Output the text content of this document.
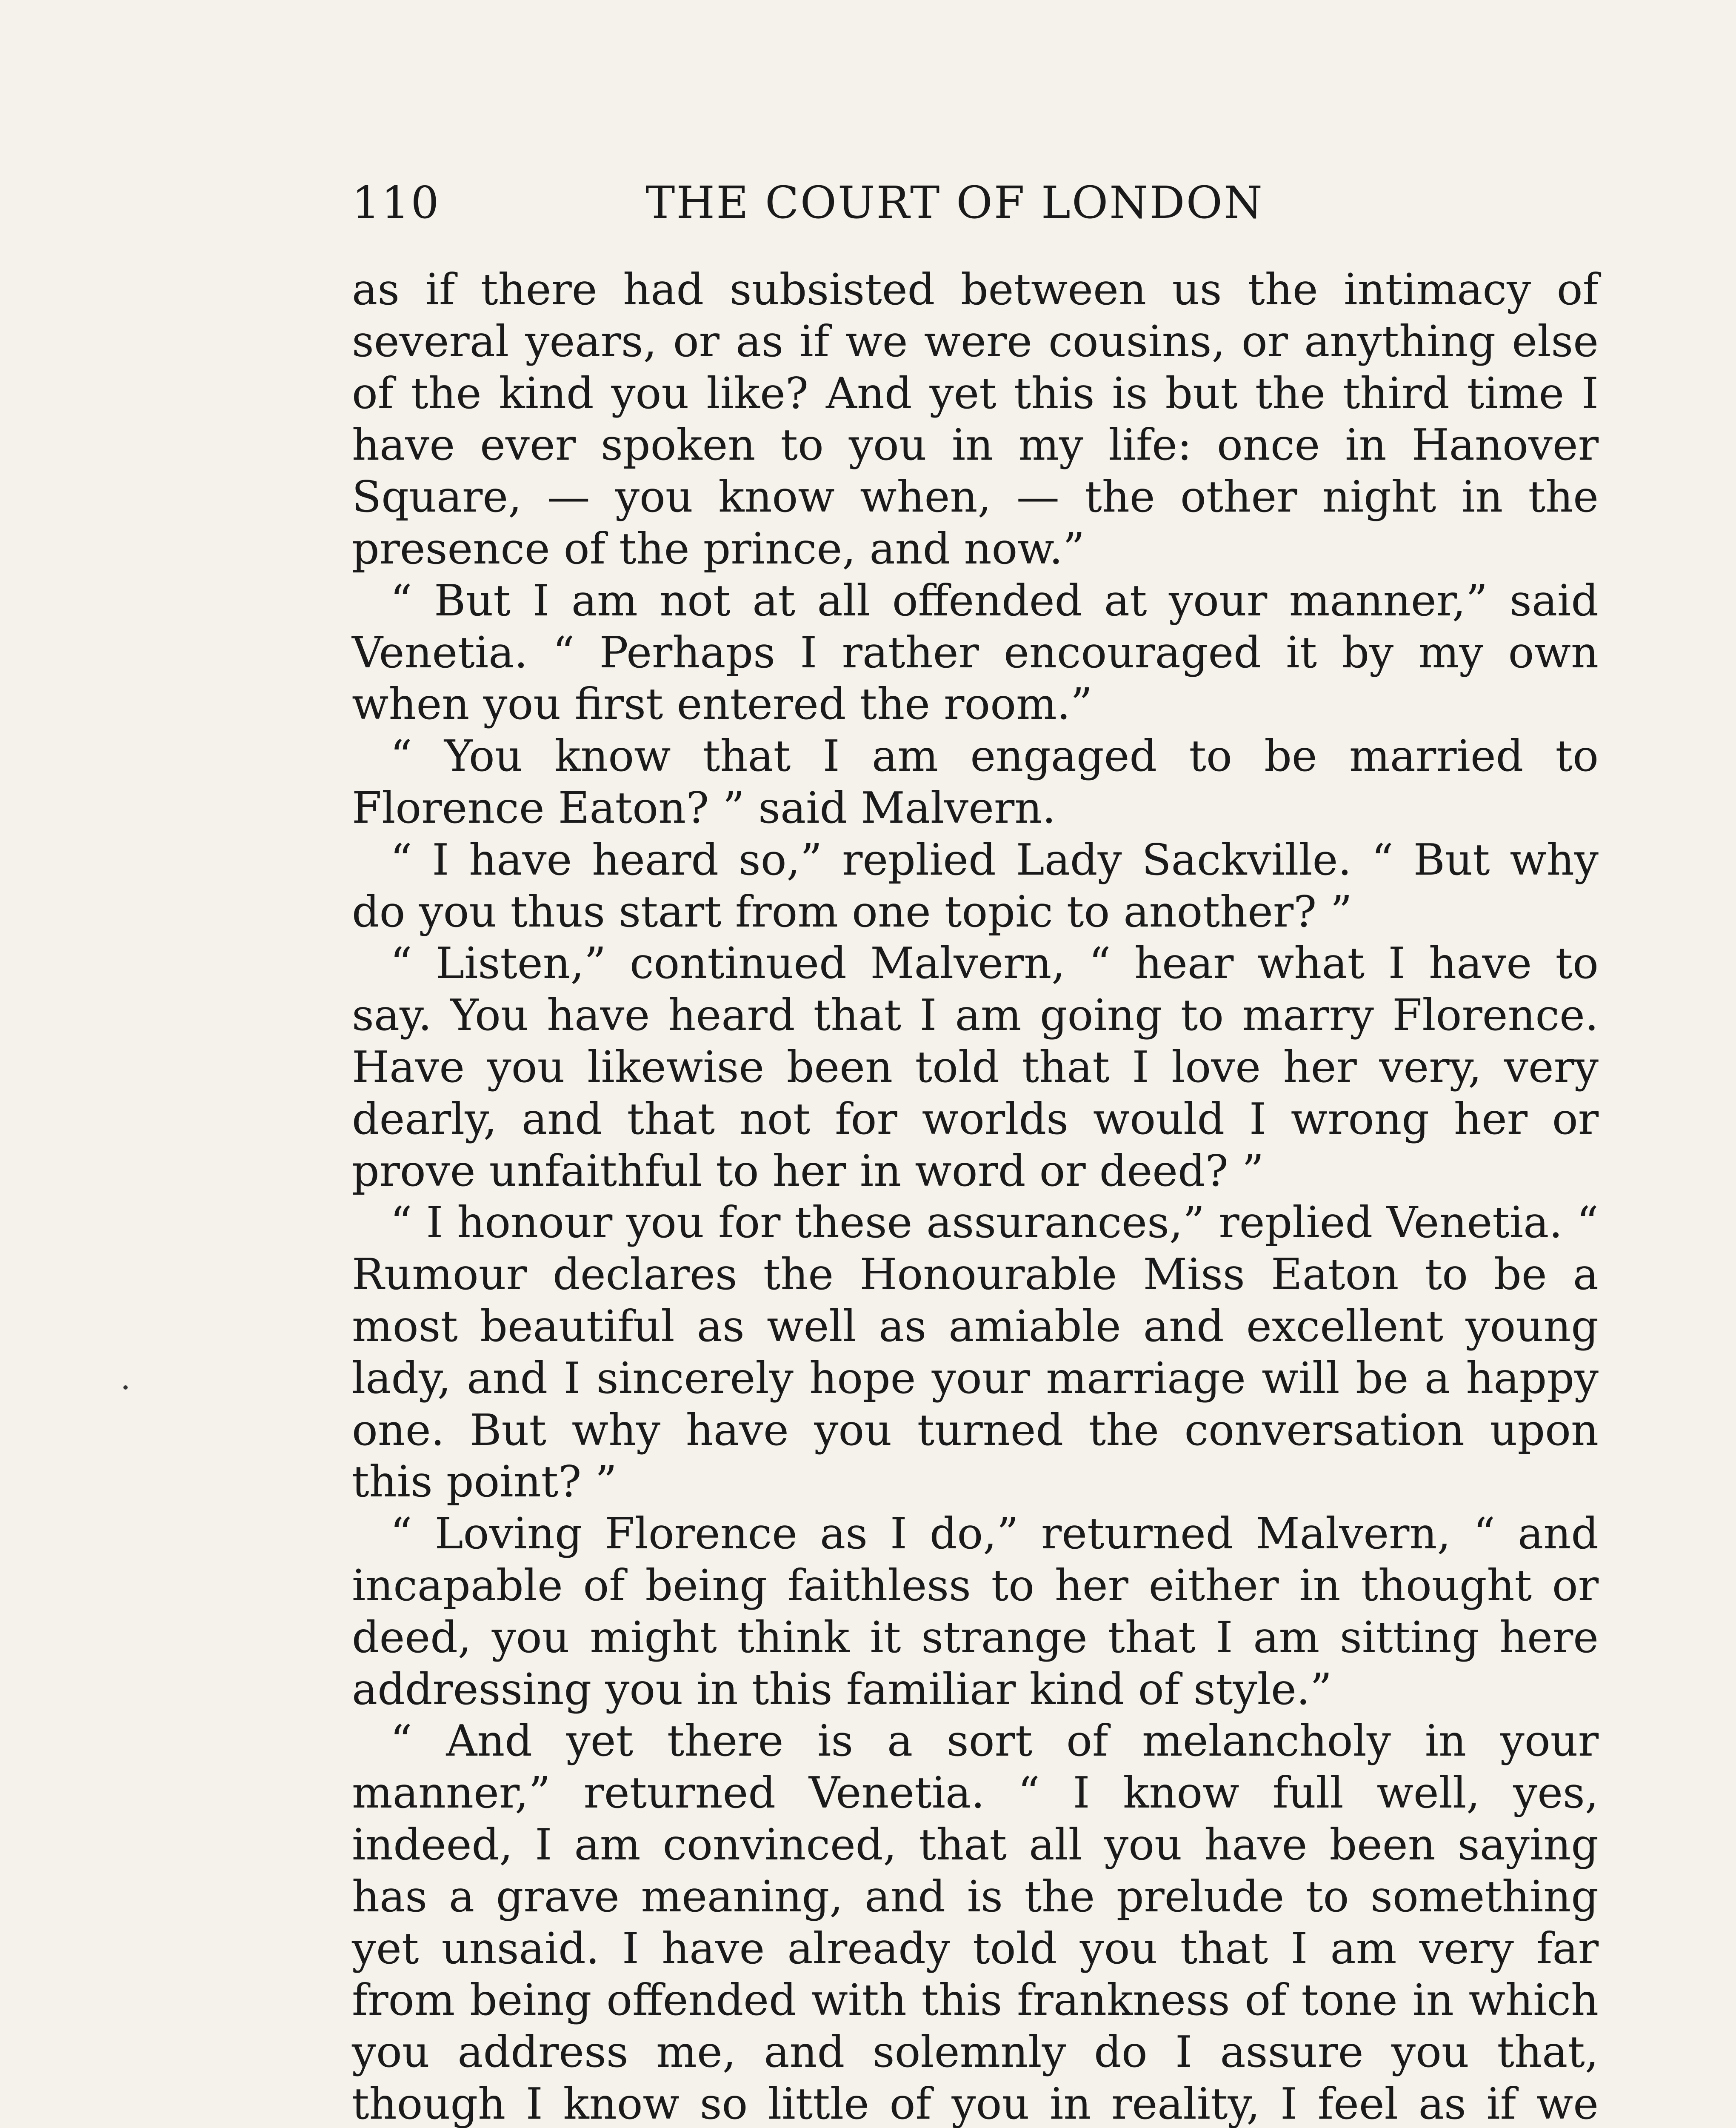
110	THE COURT OF LONDON

as if there had subsisted between us the intimacy of several years, or as if we were cousins, or anything else of the kind you like? And yet this is but the third time I have ever spoken to you in my life: once in Hanover Square, — you know when, — the other night in the presence of the prince, and now.”

“ But I am not at all offended at your manner,” said Venetia. “ Perhaps I rather encouraged it by my own when you first entered the room.”

“ You know that I am engaged to be married to Florence Eaton? ” said Malvern.

“ I have heard so,” replied Lady Sackville. “ But why do you thus start from one topic to another? ”

“ Listen,” continued Malvern, “ hear what I have to say. You have heard that I am going to marry Florence. Have you likewise been told that I love her very, very dearly, and that not for worlds would I wrong her or prove unfaithful to her in word or deed? ”

“ I honour you for these assurances,” replied Venetia. “ Rumour declares the Honourable Miss Eaton to be a most beautiful as well as amiable and excellent young lady, and I sincerely hope your marriage will be a happy one. But why have you turned the conversation upon this point? ”

“ Loving Florence as I do,” returned Malvern, “ and incapable of being faithless to her either in thought or deed, you might think it strange that I am sitting here addressing you in this familiar kind of style.”

“ And yet there is a sort of melancholy in your manner,” returned Venetia. “ I know full well, yes, indeed, I am convinced, that all you have been saying has a grave meaning, and is the prelude to something yet unsaid. I have already told you that I am very far from being offended with this frankness of tone in which you address me, and solemnly do I assure you that, though I know so little of you in reality, I feel as if we
